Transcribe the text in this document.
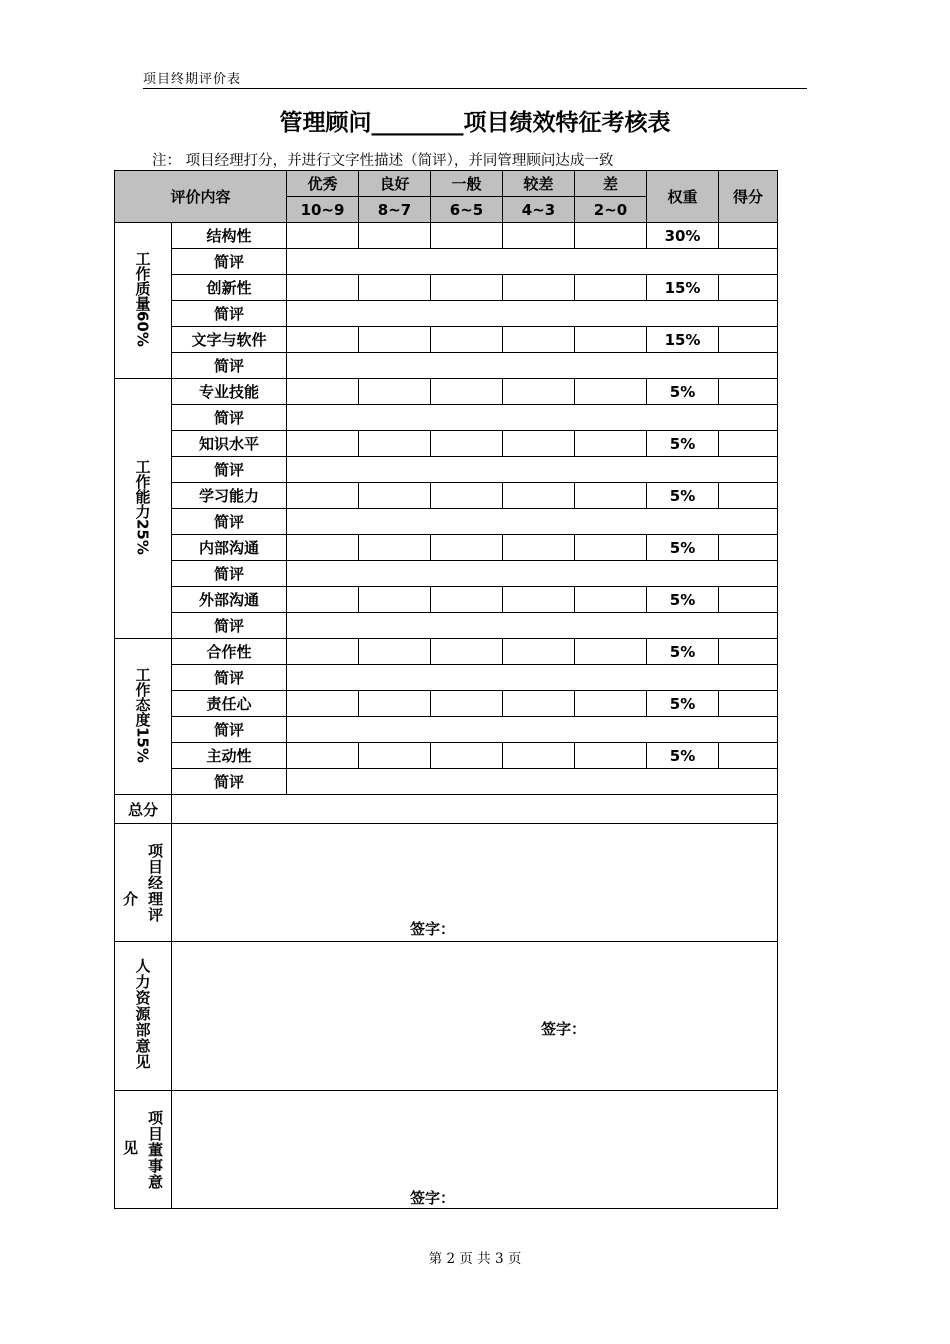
项目终期评价表
管理顾问________项目绩效特征考核表
注： 项目经理打分，并进行文字性描述（简评），并同管理顾问达成一致
评价内容		优秀	良好	一般	较差	差	权重	得分
		10~9	8~7	6~5	4~3	2~0		
工作质量60%	结构性						30%	
	简评							
	创新性						15%	
	简评							
	文字与软件						15%	
	简评							
工作能力25%	专业技能						5%	
	简评							
	知识水平						5%	
	简评							
	学习能力						5%	
	简评							
	内部沟通						5%	
	简评							
	外部沟通						5%	
	简评							
工作态度15%	合作性						5%	
	简评							
	责任心						5%	
	简评							
	主动性						5%	
	简评							
总分								

介 项目经理评	签字：							

人力资源部意见	签字：							

见 项目董事意	签字：							
第 2 页 共 3 页
